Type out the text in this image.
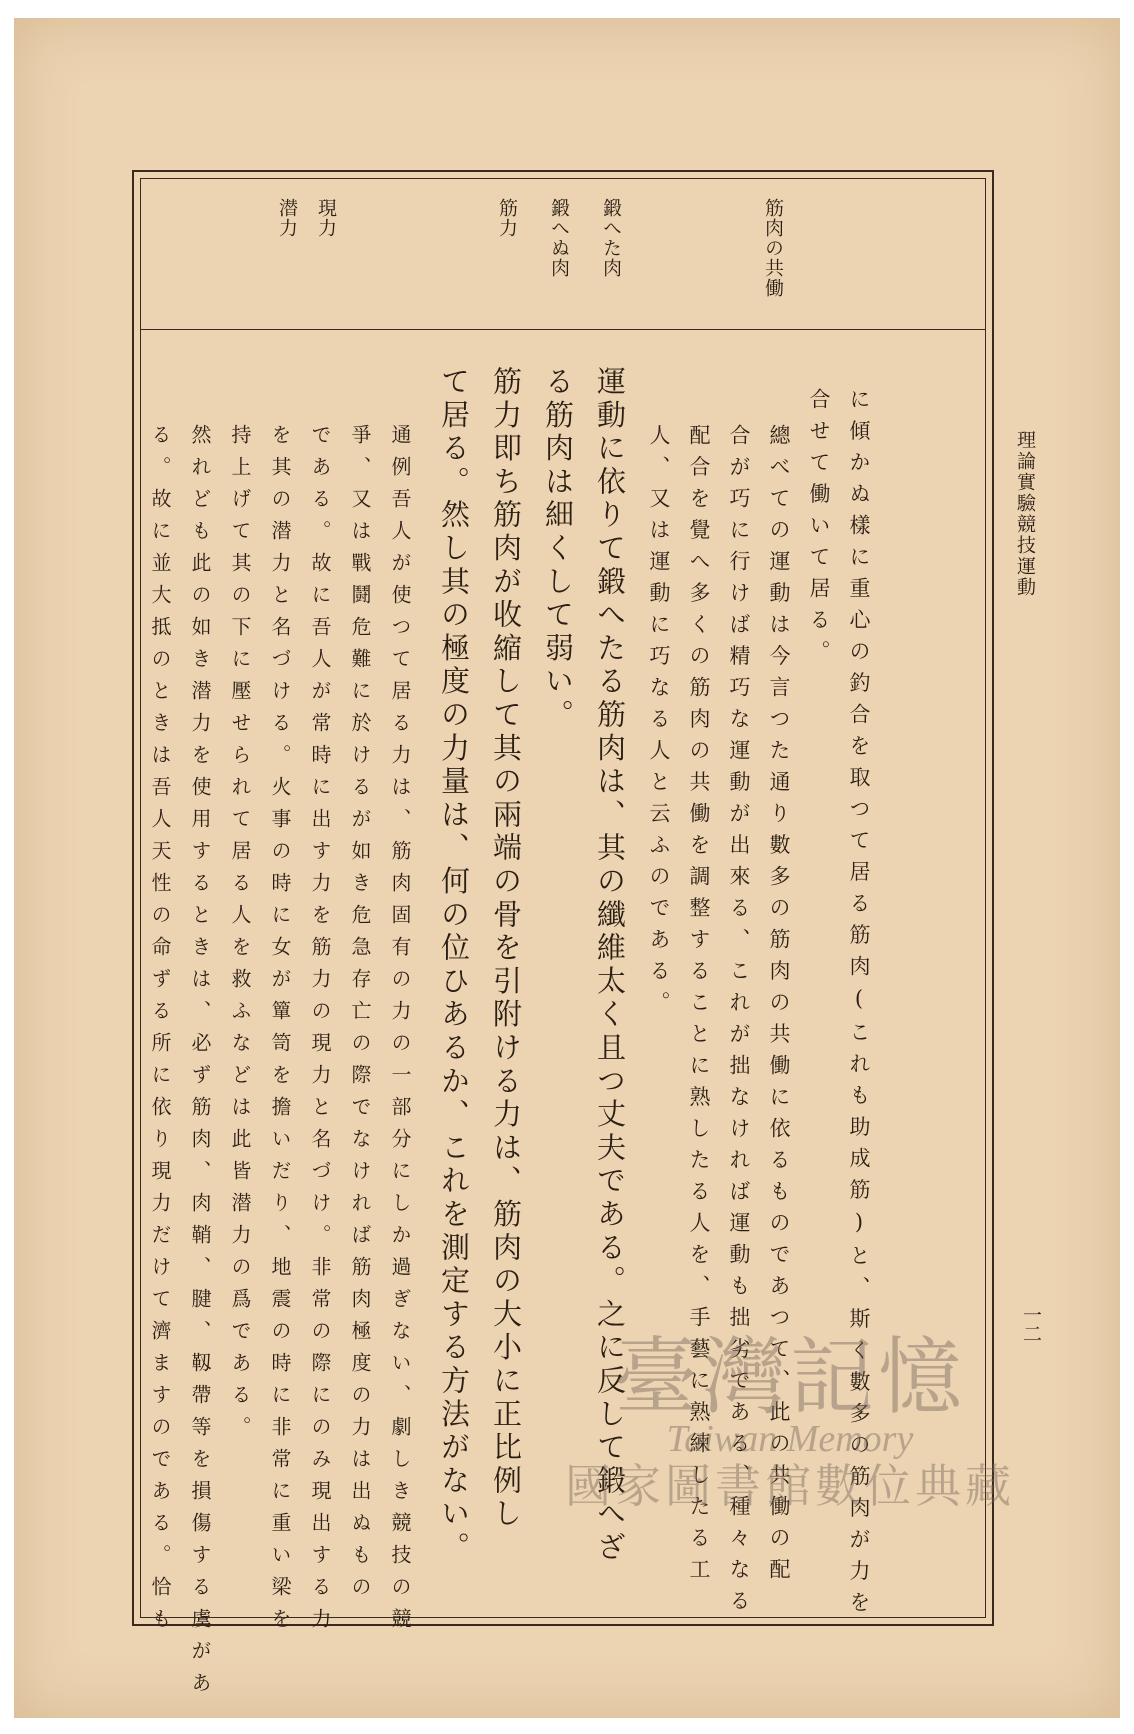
理論實驗競技運動
一二
筋肉の共働
鍛へた肉
鍛へぬ肉
筋力
現力
潜力
に傾かぬ樣に重心の釣合を取つて居る筋肉(これも助成筋)と、斯く數多の筋肉が力を
合せて働いて居る。
總べての運動は今言つた通り數多の筋肉の共働に依るものであつて、此の共働の配
合が巧に行けば精巧な運動が出來る、これが拙なければ運動も拙劣である、種々なる
配合を覺へ多くの筋肉の共働を調整することに熟したる人を、手藝に熟練したる工
人、又は運動に巧なる人と云ふのである。
運動に依りて鍛へたる筋肉は、其の纖維太く且つ丈夫である。之に反して鍛へざ
る筋肉は細くして弱い。
筋力即ち筋肉が收縮して其の兩端の骨を引附ける力は、筋肉の大小に正比例し
て居る。然し其の極度の力量は、何の位ひあるか、これを測定する方法がない。
通例吾人が使つて居る力は、筋肉固有の力の一部分にしか過ぎない、劇しき競技の競
爭、又は戰鬪危難に於けるが如き危急存亡の際でなければ筋肉極度の力は出ぬもの
である。故に吾人が常時に出す力を筋力の現力と名づけ。非常の際にのみ現出する力
を其の潜力と名づける。火事の時に女が簞笥を擔いだり、地震の時に非常に重い梁を
持上げて其の下に壓せられて居る人を救ふなどは此皆潜力の爲である。
然れども此の如き潜力を使用するときは、必ず筋肉、肉鞘、腱、靱帶等を損傷する虞があ
る。故に並大抵のときは吾人天性の命ずる所に依り現力だけて濟ますのである。恰も	臺灣記憶
Taiwan Memory
國家圖書館數位典藏
